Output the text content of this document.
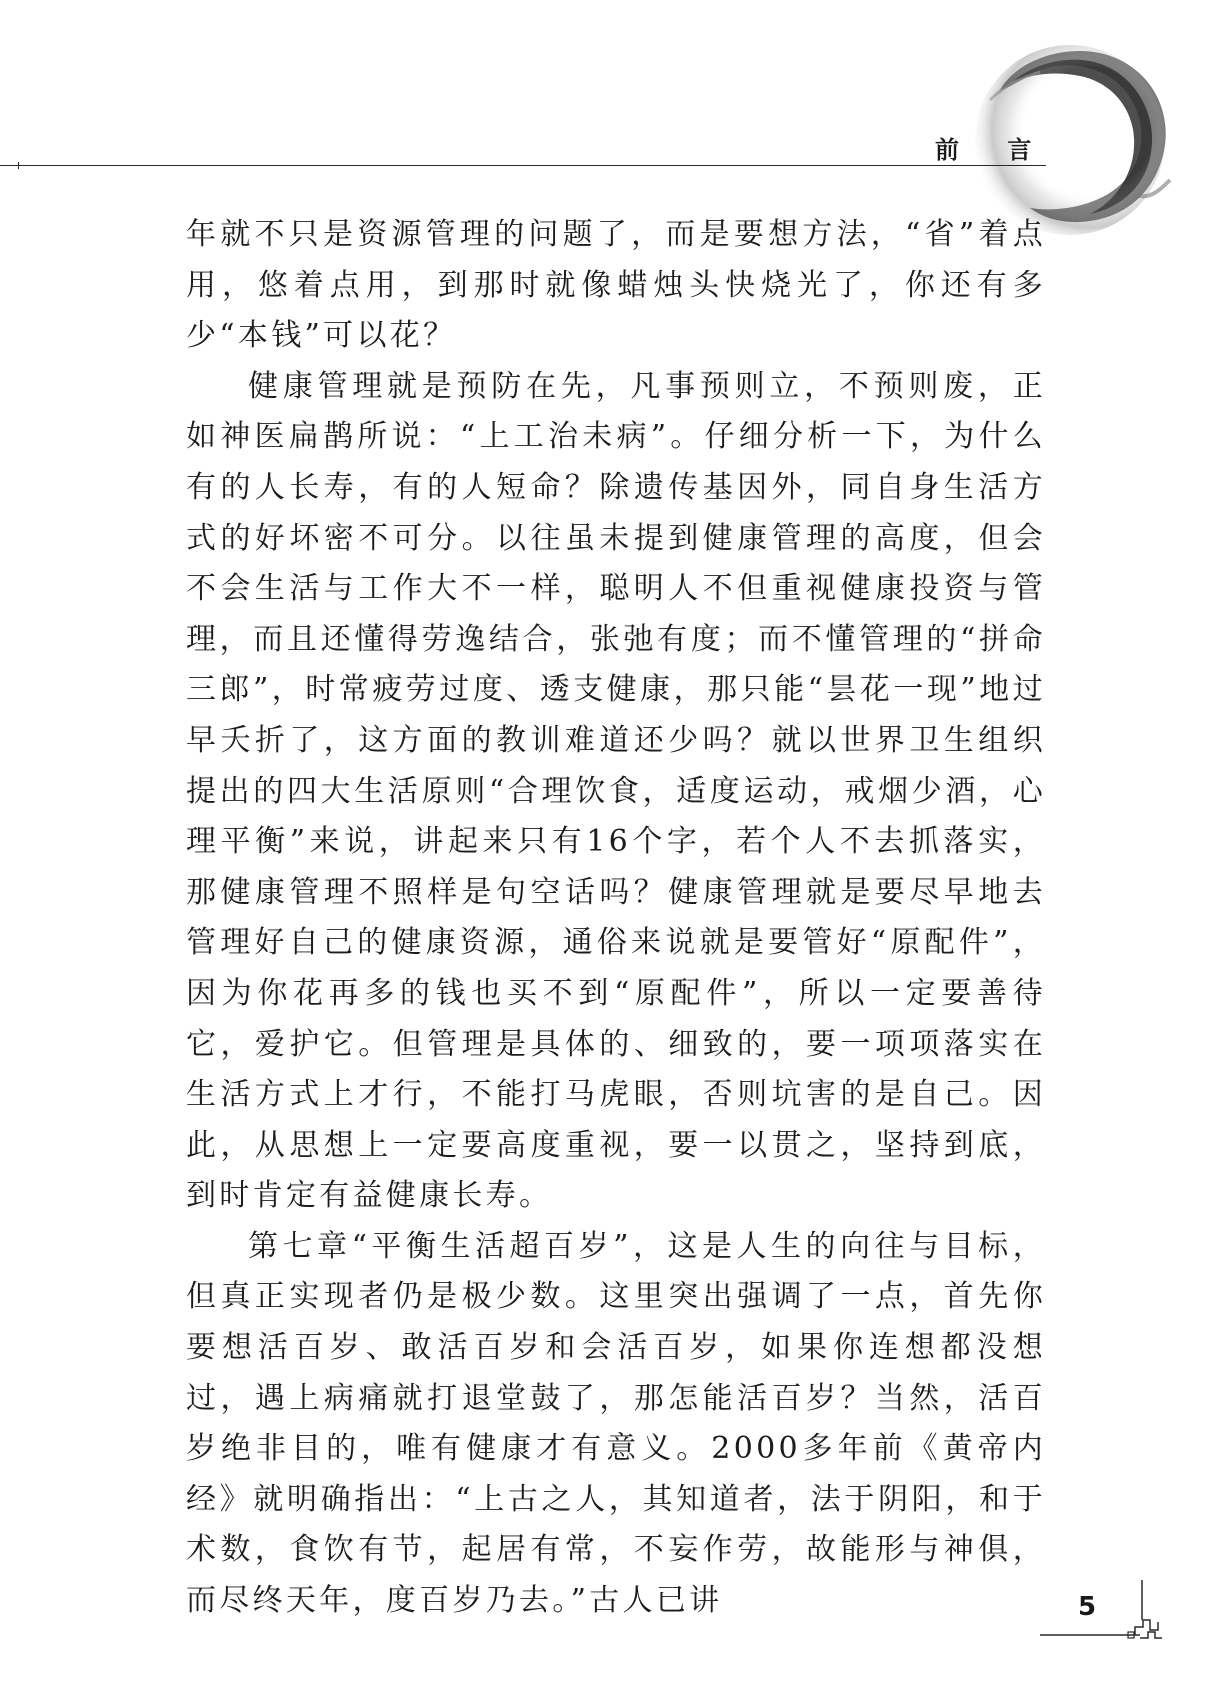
前 言

年就不只是资源管理的问题了，而是要想方法，“省”着点用，悠着点用，到那时就像蜡烛头快烧光了，你还有多少“本钱”可以花？

健康管理就是预防在先，凡事预则立，不预则废，正如神医扁鹊所说：“上工治未病”。仔细分析一下，为什么有的人长寿，有的人短命？除遗传基因外，同自身生活方式的好坏密不可分。以往虽未提到健康管理的高度，但会不会生活与工作大不一样，聪明人不但重视健康投资与管理，而且还懂得劳逸结合，张弛有度；而不懂管理的“拼命三郎”，时常疲劳过度、透支健康，那只能“昙花一现”地过早夭折了，这方面的教训难道还少吗？就以世界卫生组织提出的四大生活原则“合理饮食，适度运动，戒烟少酒，心理平衡”来说，讲起来只有16个字，若个人不去抓落实，那健康管理不照样是句空话吗？健康管理就是要尽早地去管理好自己的健康资源，通俗来说就是要管好“原配件”，因为你花再多的钱也买不到“原配件”，所以一定要善待它，爱护它。但管理是具体的、细致的，要一项项落实在生活方式上才行，不能打马虎眼，否则坑害的是自己。因此，从思想上一定要高度重视，要一以贯之，坚持到底，到时肯定有益健康长寿。

第七章“平衡生活超百岁”，这是人生的向往与目标，但真正实现者仍是极少数。这里突出强调了一点，首先你要想活百岁、敢活百岁和会活百岁，如果你连想都没想过，遇上病痛就打退堂鼓了，那怎能活百岁？当然，活百岁绝非目的，唯有健康才有意义。2000多年前《黄帝内经》就明确指出：“上古之人，其知道者，法于阴阳，和于术数，食饮有节，起居有常，不妄作劳，故能形与神俱，而尽终天年，度百岁乃去。”古人已讲	5
